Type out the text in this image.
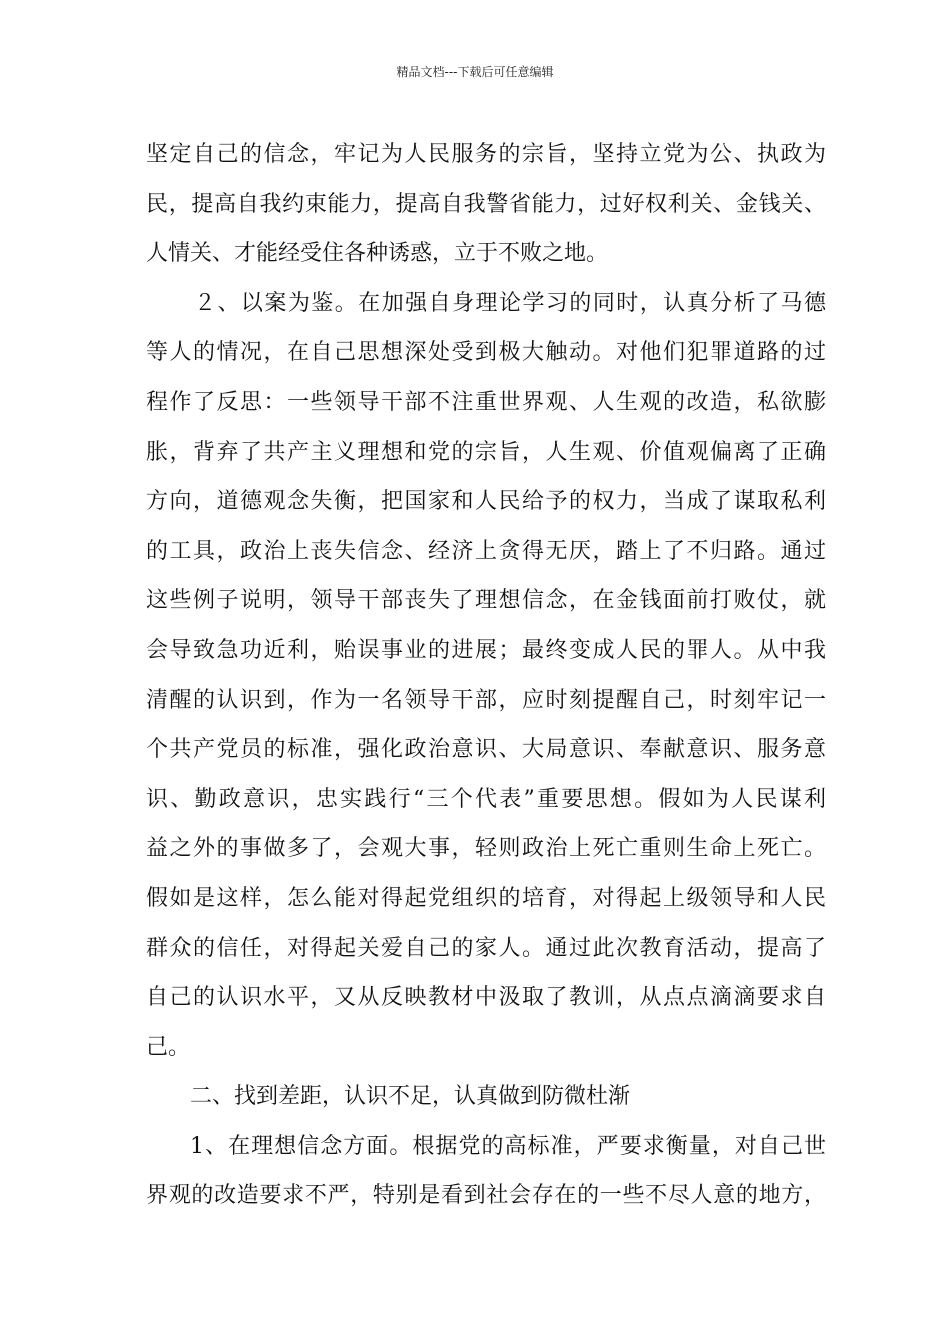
精品文档---下载后可任意编辑
坚定自己的信念，牢记为人民服务的宗旨，坚持立党为公、执政为
民，提高自我约束能力，提高自我警省能力，过好权利关、金钱关、
人情关、才能经受住各种诱惑，立于不败之地。
２、以案为鉴。在加强自身理论学习的同时，认真分析了马德
等人的情况，在自己思想深处受到极大触动。对他们犯罪道路的过
程作了反思：一些领导干部不注重世界观、人生观的改造，私欲膨
胀，背弃了共产主义理想和党的宗旨，人生观、价值观偏离了正确
方向，道德观念失衡，把国家和人民给予的权力，当成了谋取私利
的工具，政治上丧失信念、经济上贪得无厌，踏上了不归路。通过
这些例子说明，领导干部丧失了理想信念，在金钱面前打败仗，就
会导致急功近利，贻误事业的进展；最终变成人民的罪人。从中我
清醒的认识到，作为一名领导干部，应时刻提醒自己，时刻牢记一
个共产党员的标准，强化政治意识、大局意识、奉献意识、服务意
识、勤政意识，忠实践行“三个代表”重要思想。假如为人民谋利
益之外的事做多了，会观大事，轻则政治上死亡重则生命上死亡。
假如是这样，怎么能对得起党组织的培育，对得起上级领导和人民
群众的信任，对得起关爱自己的家人。通过此次教育活动，提高了
自己的认识水平，又从反映教材中汲取了教训，从点点滴滴要求自
己。
二、找到差距，认识不足，认真做到防微杜渐
1、在理想信念方面。根据党的高标准，严要求衡量，对自己世
界观的改造要求不严，特别是看到社会存在的一些不尽人意的地方，
